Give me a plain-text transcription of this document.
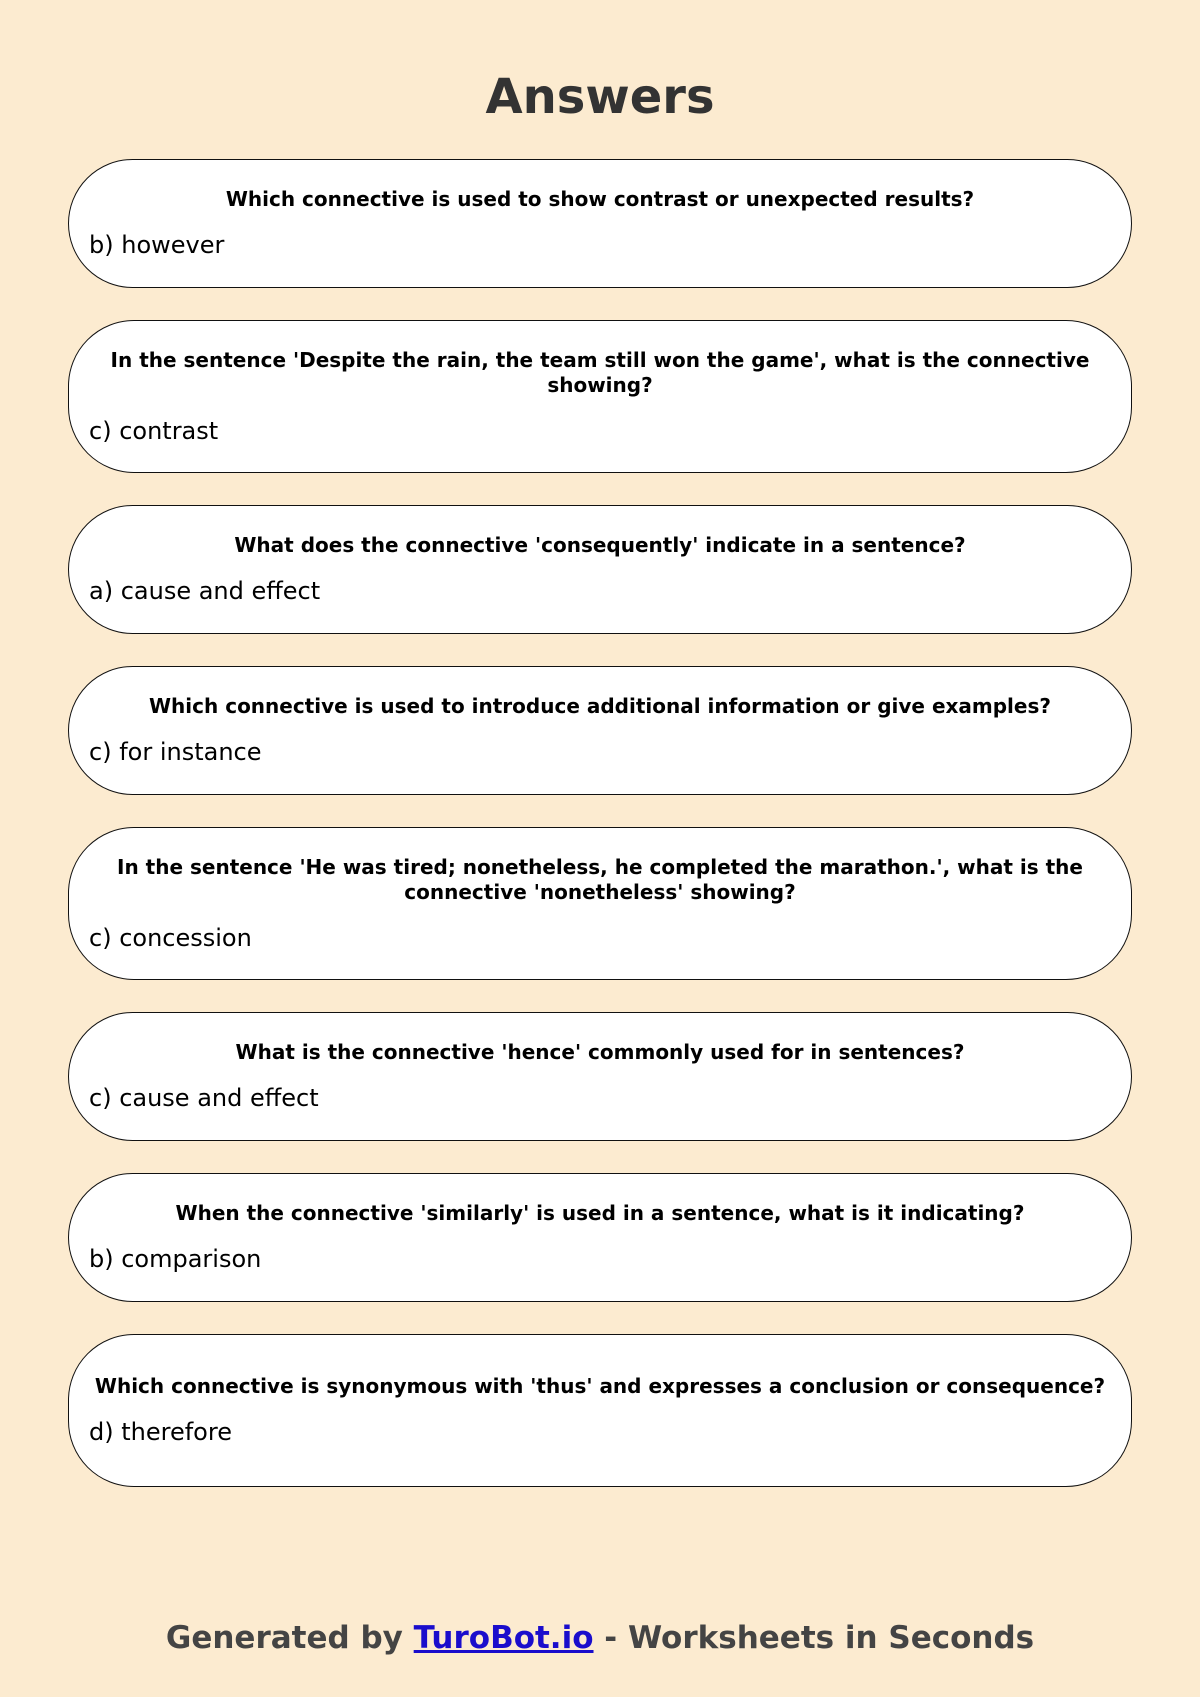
Answers
Which connective is used to show contrast or unexpected results?
b) however
In the sentence 'Despite the rain, the team still won the game', what is the connective showing?
c) contrast
What does the connective 'consequently' indicate in a sentence?
a) cause and effect
Which connective is used to introduce additional information or give examples?
c) for instance
In the sentence 'He was tired; nonetheless, he completed the marathon.', what is the connective 'nonetheless' showing?
c) concession
What is the connective 'hence' commonly used for in sentences?
c) cause and effect
When the connective 'similarly' is used in a sentence, what is it indicating?
b) comparison
Which connective is synonymous with 'thus' and expresses a conclusion or consequence?
d) therefore
Generated by TuroBot.io - Worksheets in Seconds
